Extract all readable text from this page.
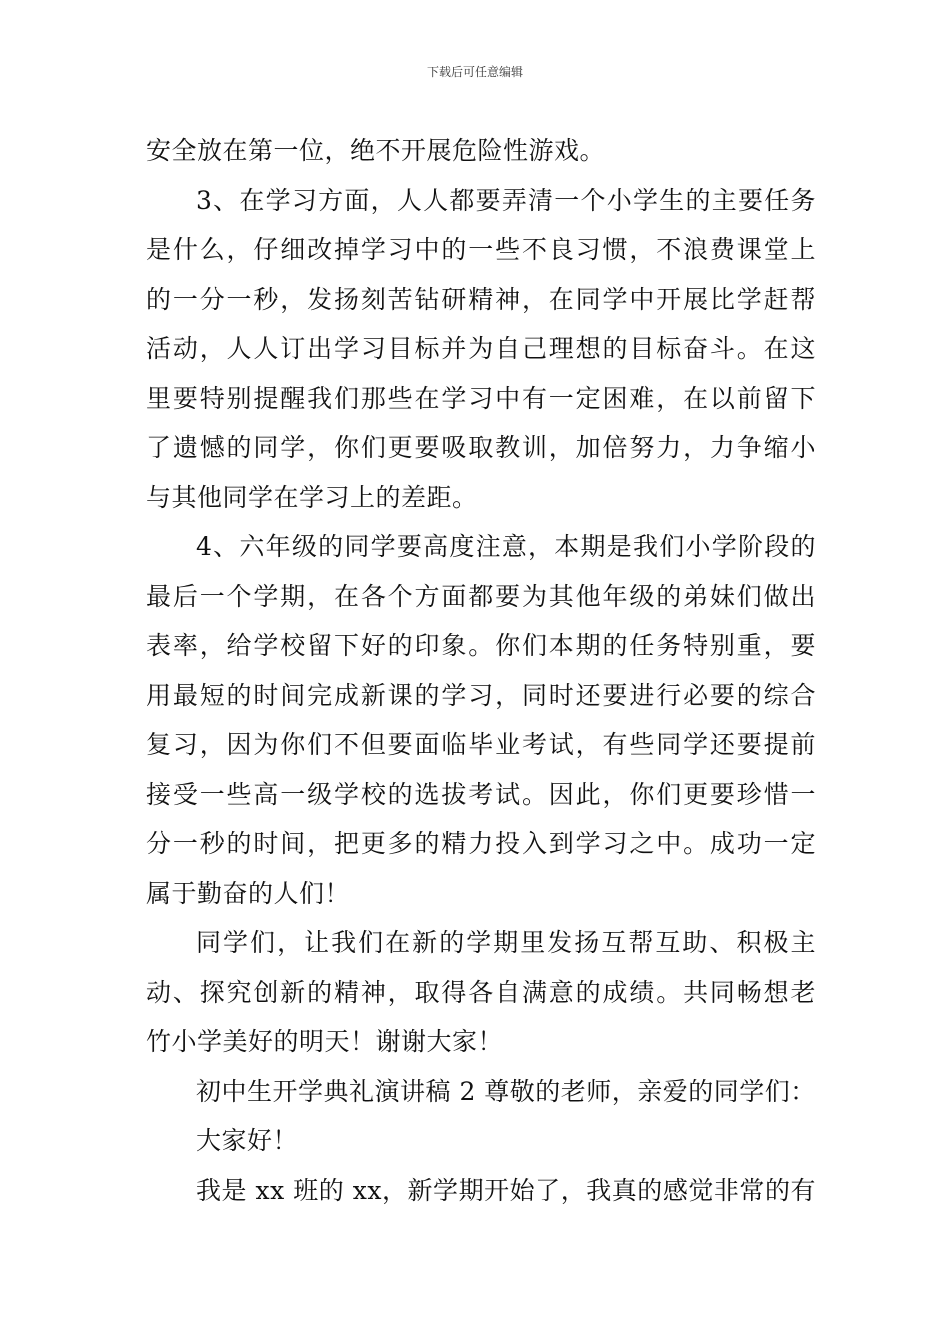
下载后可任意编辑
安全放在第一位，绝不开展危险性游戏。
3、在学习方面，人人都要弄清一个小学生的主要任务
是什么，仔细改掉学习中的一些不良习惯，不浪费课堂上
的一分一秒，发扬刻苦钻研精神，在同学中开展比学赶帮
活动，人人订出学习目标并为自己理想的目标奋斗。在这
里要特别提醒我们那些在学习中有一定困难，在以前留下
了遗憾的同学，你们更要吸取教训，加倍努力，力争缩小
与其他同学在学习上的差距。
4、六年级的同学要高度注意，本期是我们小学阶段的
最后一个学期，在各个方面都要为其他年级的弟妹们做出
表率，给学校留下好的印象。你们本期的任务特别重，要
用最短的时间完成新课的学习，同时还要进行必要的综合
复习，因为你们不但要面临毕业考试，有些同学还要提前
接受一些高一级学校的选拔考试。因此，你们更要珍惜一
分一秒的时间，把更多的精力投入到学习之中。成功一定
属于勤奋的人们！
同学们，让我们在新的学期里发扬互帮互助、积极主
动、探究创新的精神，取得各自满意的成绩。共同畅想老
竹小学美好的明天！谢谢大家！
初中生开学典礼演讲稿 2 尊敬的老师，亲爱的同学们：
大家好！
我是 xx 班的 xx，新学期开始了，我真的感觉非常的有
